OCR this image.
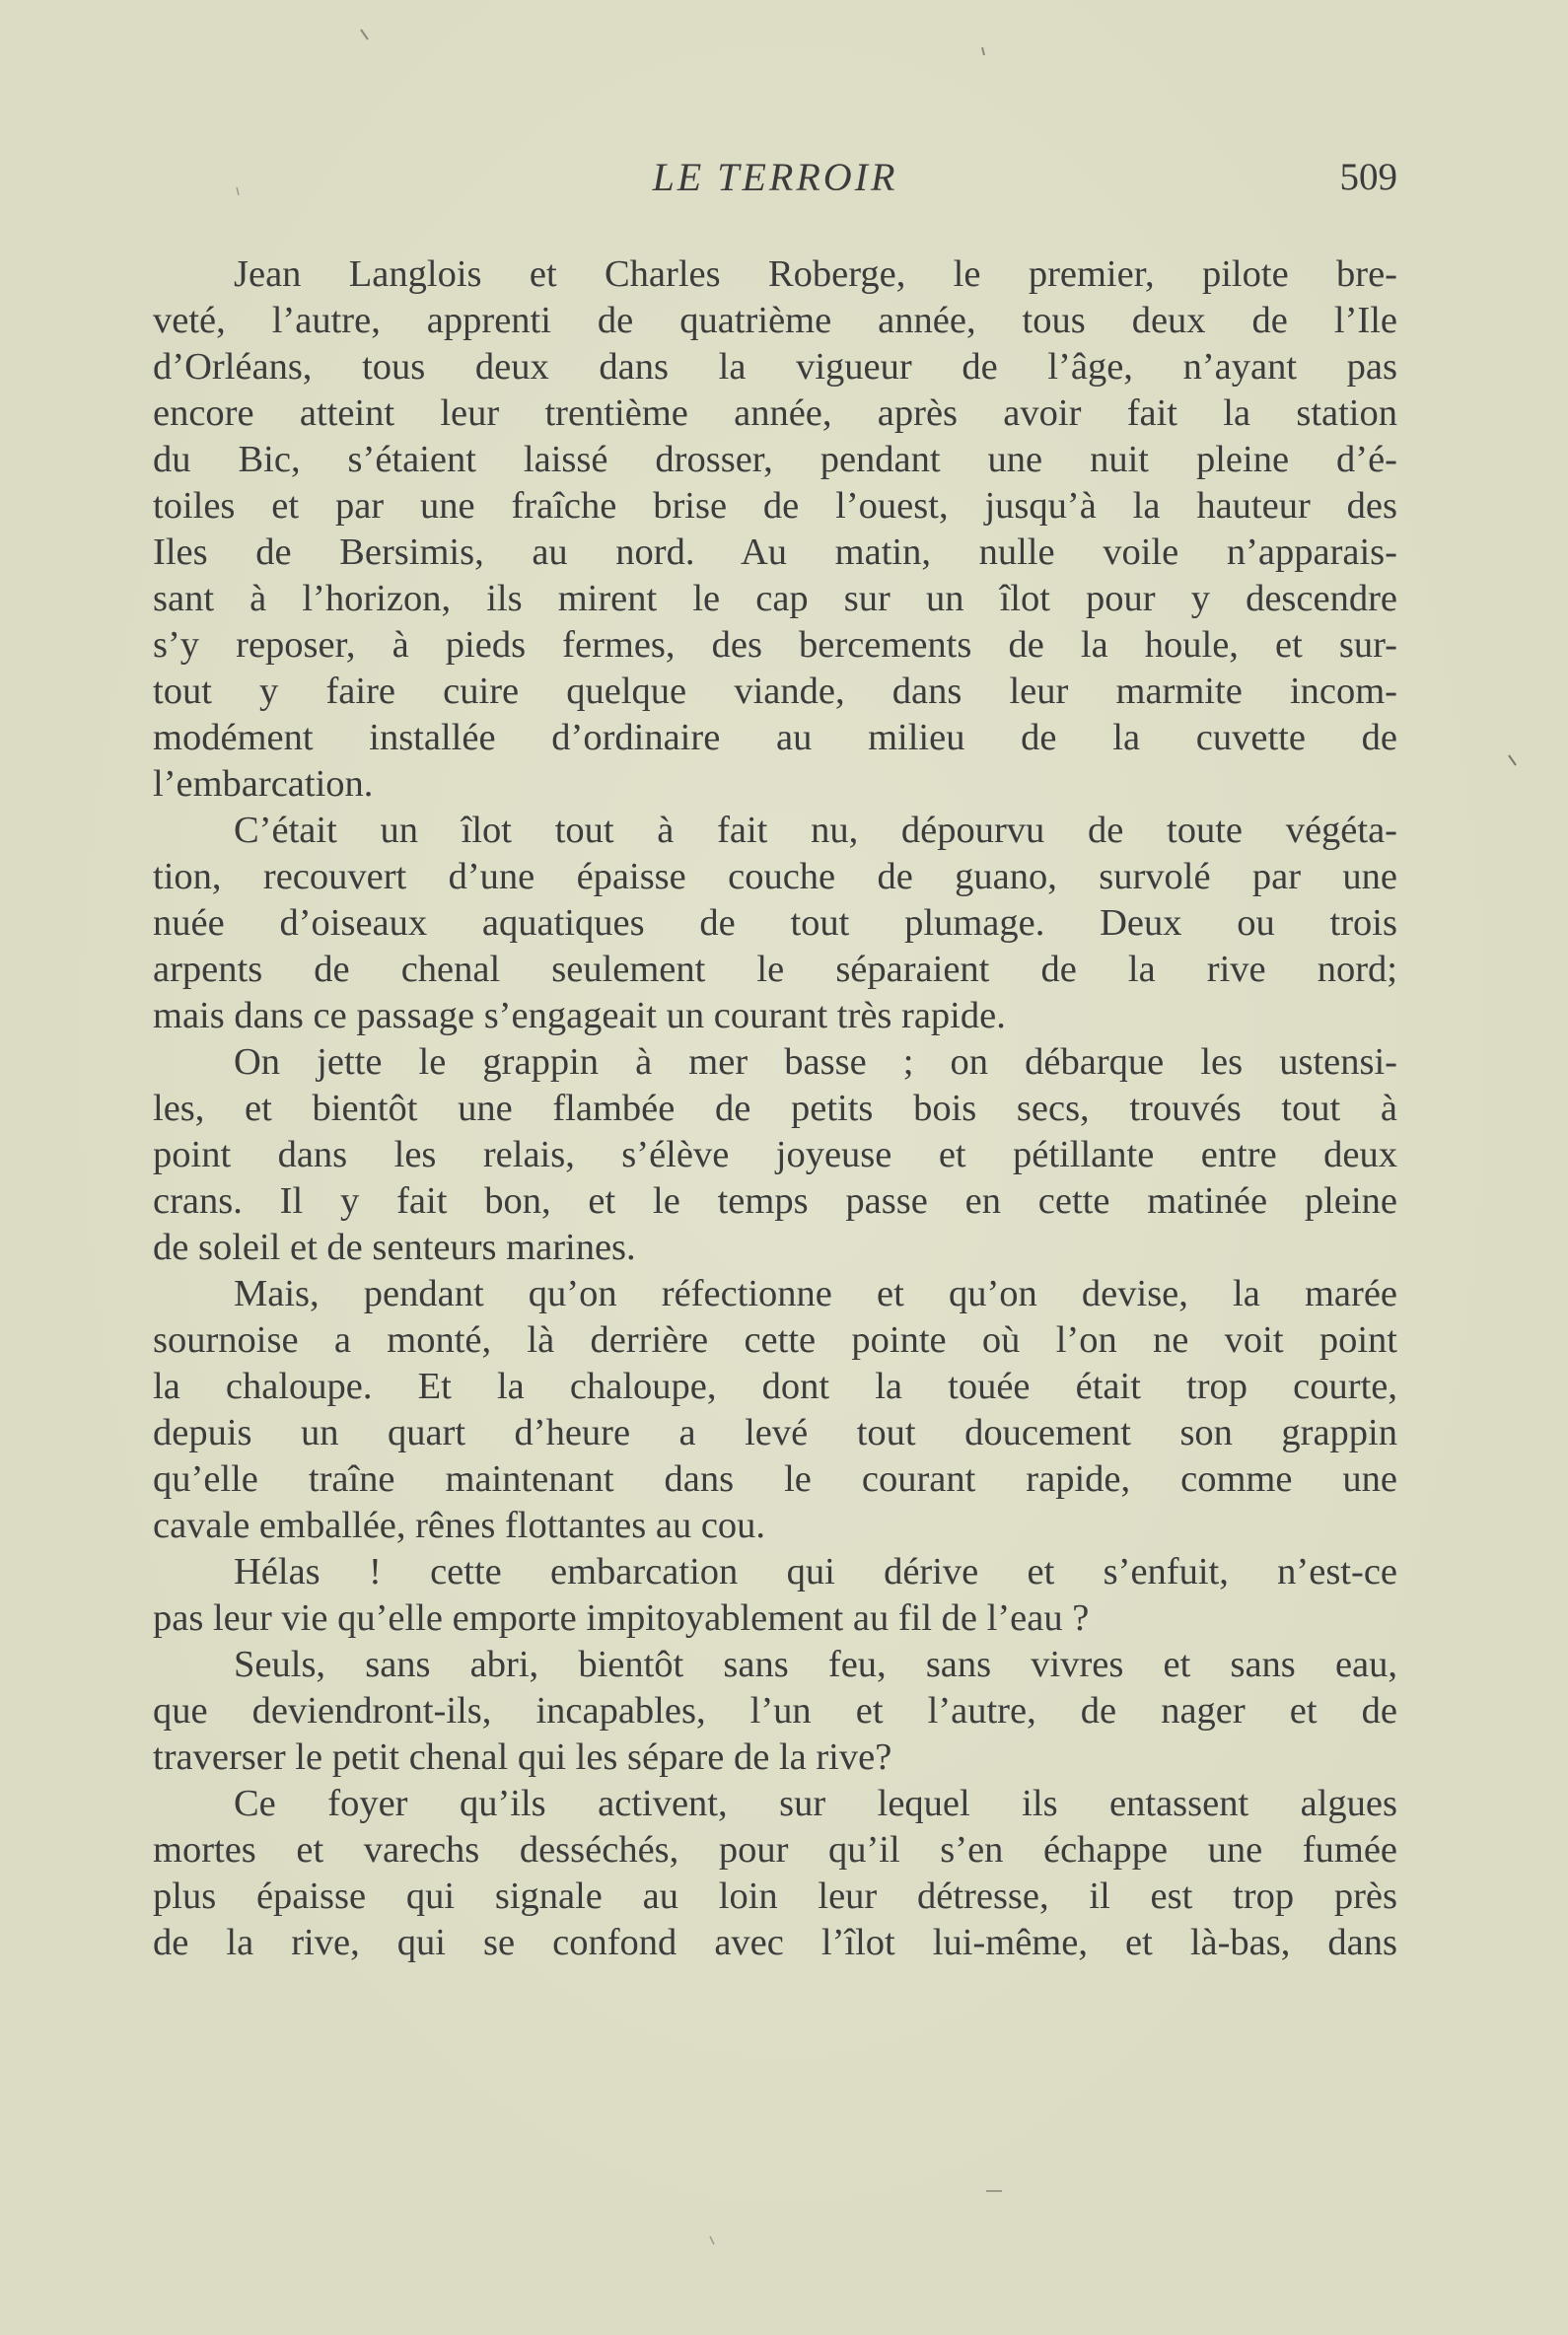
LE TERROIR	509
Jean Langlois et Charles Roberge, le premier, pilote bre-
veté, l’autre, apprenti de quatrième année, tous deux de l’Ile
d’Orléans, tous deux dans la vigueur de l’âge, n’ayant pas
encore atteint leur trentième année, après avoir fait la station
du Bic, s’étaient laissé drosser, pendant une nuit pleine d’é-
toiles et par une fraîche brise de l’ouest, jusqu’à la hauteur des
Iles de Bersimis, au nord. Au matin, nulle voile n’apparais-
sant à l’horizon, ils mirent le cap sur un îlot pour y descendre
s’y reposer, à pieds fermes, des bercements de la houle, et sur-
tout y faire cuire quelque viande, dans leur marmite incom-
modément installée d’ordinaire au milieu de la cuvette de
l’embarcation.
C’était un îlot tout à fait nu, dépourvu de toute végéta-
tion, recouvert d’une épaisse couche de guano, survolé par une
nuée d’oiseaux aquatiques de tout plumage. Deux ou trois
arpents de chenal seulement le séparaient de la rive nord;
mais dans ce passage s’engageait un courant très rapide.
On jette le grappin à mer basse ; on débarque les ustensi-
les, et bientôt une flambée de petits bois secs, trouvés tout à
point dans les relais, s’élève joyeuse et pétillante entre deux
crans. Il y fait bon, et le temps passe en cette matinée pleine
de soleil et de senteurs marines.
Mais, pendant qu’on réfectionne et qu’on devise, la marée
sournoise a monté, là derrière cette pointe où l’on ne voit point
la chaloupe. Et la chaloupe, dont la touée était trop courte,
depuis un quart d’heure a levé tout doucement son grappin
qu’elle traîne maintenant dans le courant rapide, comme une
cavale emballée, rênes flottantes au cou.
Hélas ! cette embarcation qui dérive et s’enfuit, n’est-ce
pas leur vie qu’elle emporte impitoyablement au fil de l’eau ?
Seuls, sans abri, bientôt sans feu, sans vivres et sans eau,
que deviendront-ils, incapables, l’un et l’autre, de nager et de
traverser le petit chenal qui les sépare de la rive?
Ce foyer qu’ils activent, sur lequel ils entassent algues
mortes et varechs desséchés, pour qu’il s’en échappe une fumée
plus épaisse qui signale au loin leur détresse, il est trop près
de la rive, qui se confond avec l’îlot lui-même, et là-bas, dans
